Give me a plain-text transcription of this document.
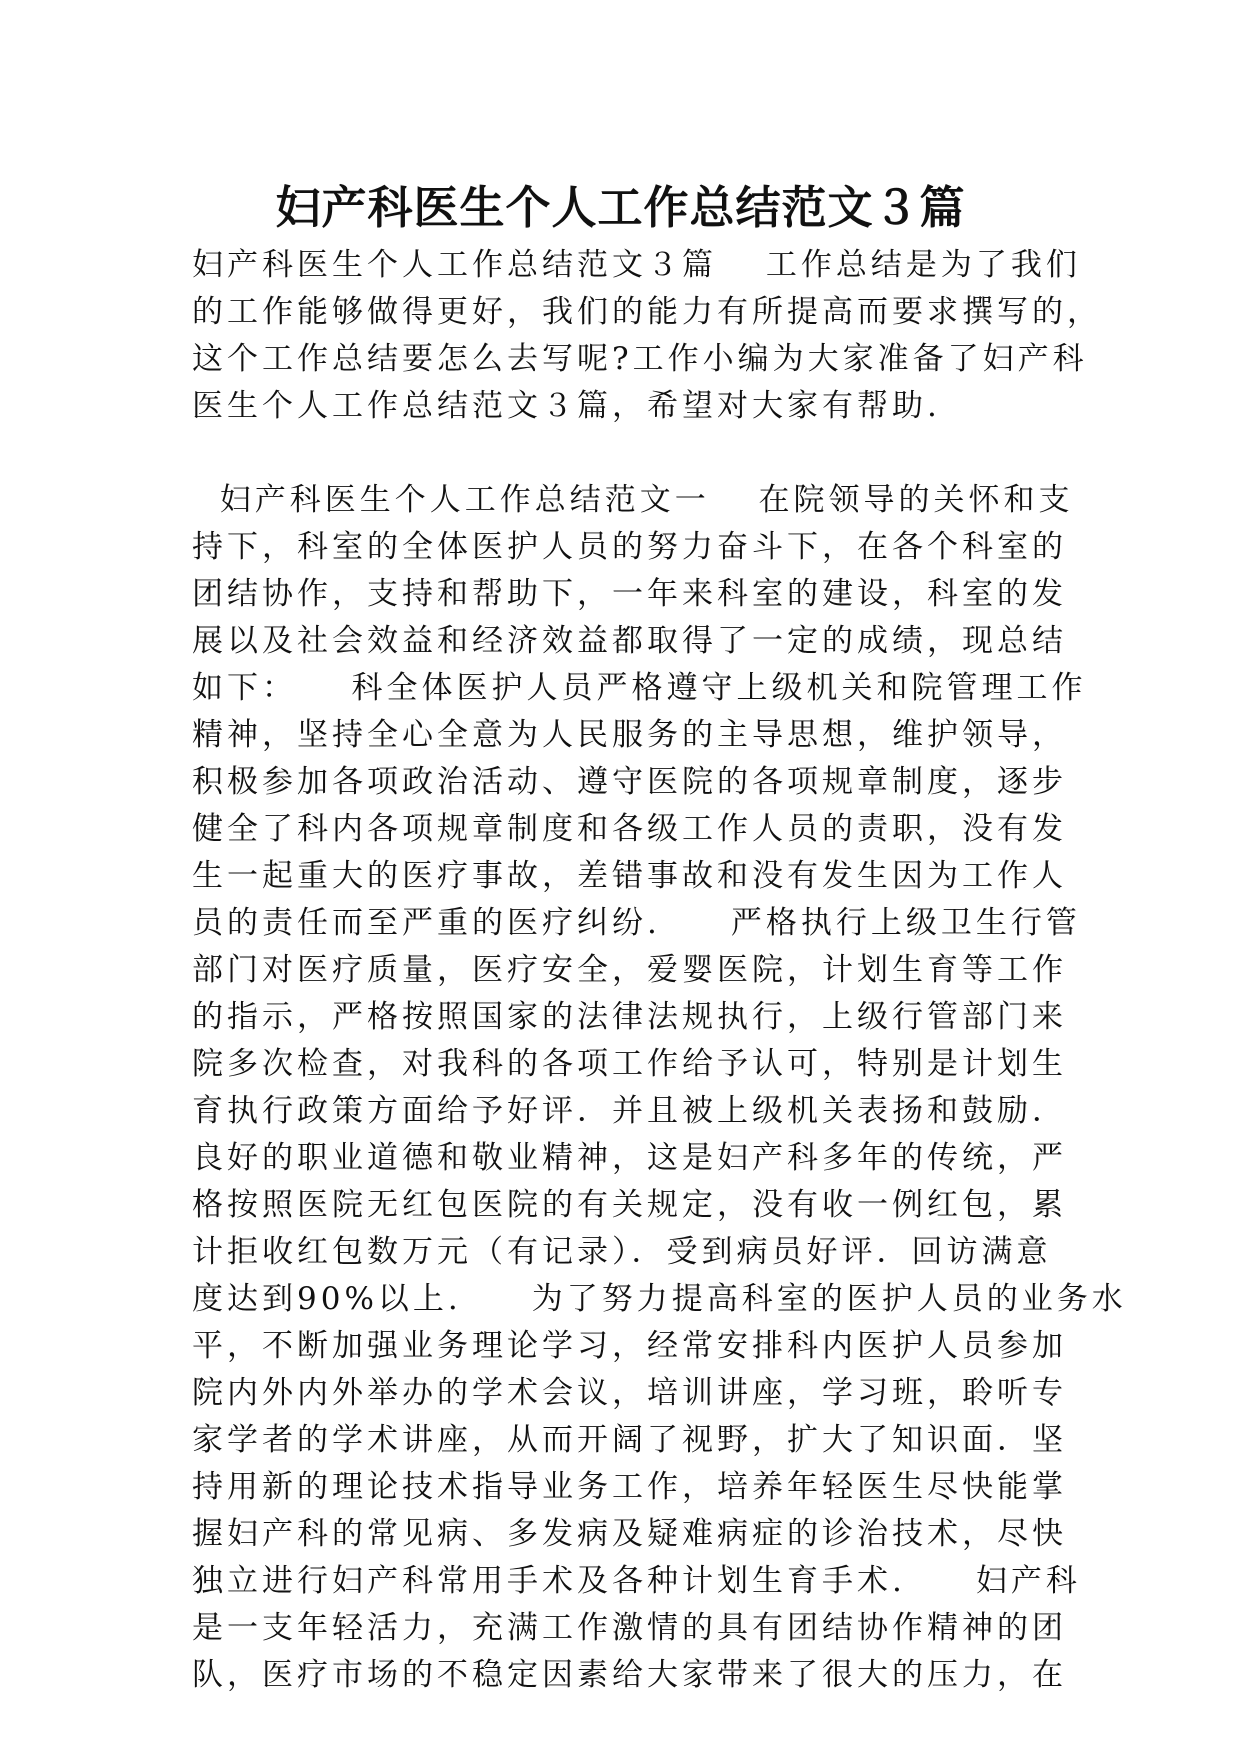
妇产科医生个人工作总结范文３篇
妇产科医生个人工作总结范文３篇　 工作总结是为了我们
的工作能够做得更好，我们的能力有所提高而要求撰写的，
这个工作总结要怎么去写呢?工作小编为大家准备了妇产科
医生个人工作总结范文３篇，希望对大家有帮助.
妇产科医生个人工作总结范文一　 在院领导的关怀和支
持下，科室的全体医护人员的努力奋斗下，在各个科室的
团结协作，支持和帮助下，一年来科室的建设，科室的发
展以及社会效益和经济效益都取得了一定的成绩，现总结
如下：　　科全体医护人员严格遵守上级机关和院管理工作
精神，坚持全心全意为人民服务的主导思想，维护领导，
积极参加各项政治活动、遵守医院的各项规章制度，逐步
健全了科内各项规章制度和各级工作人员的责职，没有发
生一起重大的医疗事故，差错事故和没有发生因为工作人
员的责任而至严重的医疗纠纷.　　严格执行上级卫生行管
部门对医疗质量，医疗安全，爱婴医院，计划生育等工作
的指示，严格按照国家的法律法规执行，上级行管部门来
院多次检查，对我科的各项工作给予认可，特别是计划生
育执行政策方面给予好评．并且被上级机关表扬和鼓励．
良好的职业道德和敬业精神，这是妇产科多年的传统，严
格按照医院无红包医院的有关规定，没有收一例红包，累
计拒收红包数万元（有记录）．受到病员好评．回访满意
度达到90%以上.　　为了努力提高科室的医护人员的业务水
平，不断加强业务理论学习，经常安排科内医护人员参加
院内外内外举办的学术会议，培训讲座，学习班，聆听专
家学者的学术讲座，从而开阔了视野，扩大了知识面．坚
持用新的理论技术指导业务工作，培养年轻医生尽快能掌
握妇产科的常见病、多发病及疑难病症的诊治技术，尽快
独立进行妇产科常用手术及各种计划生育手术.　　妇产科
是一支年轻活力，充满工作激情的具有团结协作精神的团
队，医疗市场的不稳定因素给大家带来了很大的压力，在
